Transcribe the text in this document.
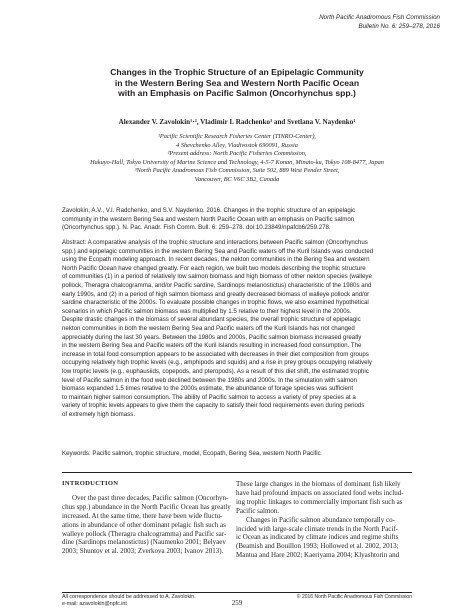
North Pacific Anadromous Fish Commission
Bulletin No. 6: 259–278, 2016
Changes in the Trophic Structure of an Epipelagic Community
in the Western Bering Sea and Western North Pacific Ocean
with an Emphasis on Pacific Salmon (Oncorhynchus spp.)
Alexander V. Zavolokin¹·², Vladimir I. Radchenko³ and Svetlana V. Naydenko¹
¹Pacific Scientific Research Fisheries Center (TINRO-Center),
4 Shevchenko Alley, Vladivostok 690091, Russia
²Present address: North Pacific Fisheries Commission,
Hakuyo-Hall, Tokyo University of Marine Science and Technology, 4-5-7 Konan, Minato-ku, Tokyo 108-8477, Japan
³North Pacific Anadromous Fish Commission, Suite 502, 889 West Pender Street,
Vancouver, BC V6C 3B2, Canada
Zavolokin, A.V., V.I. Radchenko, and S.V. Naydenko. 2016. Changes in the trophic structure of an epipelagic
community in the western Bering Sea and western North Pacific Ocean with an emphasis on Pacific salmon
(Oncorhynchus spp.). N. Pac. Anadr. Fish Comm. Bull. 6: 259–278. doi:10.23849/npafcb6/259.278.
Abstract: A comparative analysis of the trophic structure and interactions between Pacific salmon (Oncorhynchus
spp.) and epipelagic communities in the western Bering Sea and Pacific waters off the Kuril Islands was conducted
using the Ecopath modeling approach. In recent decades, the nekton communities in the Bering Sea and western
North Pacific Ocean have changed greatly. For each region, we built two models describing the trophic structure
of communities (1) in a period of relatively low salmon biomass and high biomass of other nekton species (walleye
pollock, Theragra chalcogramma, and/or Pacific sardine, Sardinops melanostictus) characteristic of the 1980s and
early 1990s, and (2) in a period of high salmon biomass and greatly decreased biomass of walleye pollock and/or
sardine characteristic of the 2000s. To evaluate possible changes in trophic flows, we also examined hypothetical
scenarios in which Pacific salmon biomass was multiplied by 1.5 relative to their highest level in the 2000s.
Despite drastic changes in the biomass of several abundant species, the overall trophic structure of epipelagic
nekton communities in both the western Bering Sea and Pacific waters off the Kuril Islands has not changed
appreciably during the last 30 years. Between the 1980s and 2000s, Pacific salmon biomass increased greatly
in the western Bering Sea and Pacific waters off the Kuril Islands resulting in increased food consumption. The
increase in total food consumption appears to be associated with decreases in their diet composition from groups
occupying relatively high trophic levels (e.g., amphipods and squids) and a rise in prey groups occupying relatively
low trophic levels (e.g., euphausiids, copepods, and pteropods). As a result of this diet shift, the estimated trophic
level of Pacific salmon in the food web declined between the 1980s and 2000s. In the simulation with salmon
biomass expanded 1.5 times relative to the 2000s estimate, the abundance of forage species was sufficient
to maintain higher salmon consumption. The ability of Pacific salmon to access a variety of prey species at a
variety of trophic levels appears to give them the capacity to satisfy their food requirements even during periods
of extremely high biomass.
Keywords: Pacific salmon, trophic structure, model, Ecopath, Bering Sea, western North Pacific
INTRODUCTION
Over the past three decades, Pacific salmon (Oncorhyn-
chus spp.) abundance in the North Pacific Ocean has greatly
increased. At the same time, there have been wide fluctu-
ations in abundance of other dominant pelagic fish such as
walleye pollock (Theragra chalcogramma) and Pacific sar-
dine (Sardinops melanostictus) (Naumenko 2001; Belyaev
2003; Shuntov et al. 2003; Zverkova 2003; Ivanov 2013).
These large changes in the biomass of dominant fish likely
have had profound impacts on associated food webs includ-
ing trophic linkages to commercially important fish such as
Pacific salmon.
Changes in Pacific salmon abundance temporally co-
incided with large-scale climate trends in the North Pacif-
ic Ocean as indicated by climate indices and regime shifts
(Beamish and Bouillon 1993; Hollowed et al. 2002, 2013;
Mantua and Hare 2002; Kaeriyama 2004; Klyashtorin and
All correspondence should be addressed to A. Zavolokin.
e-mail: azavolokin@npfc.int
© 2016 North Pacific Anadromous Fish Commission
259
